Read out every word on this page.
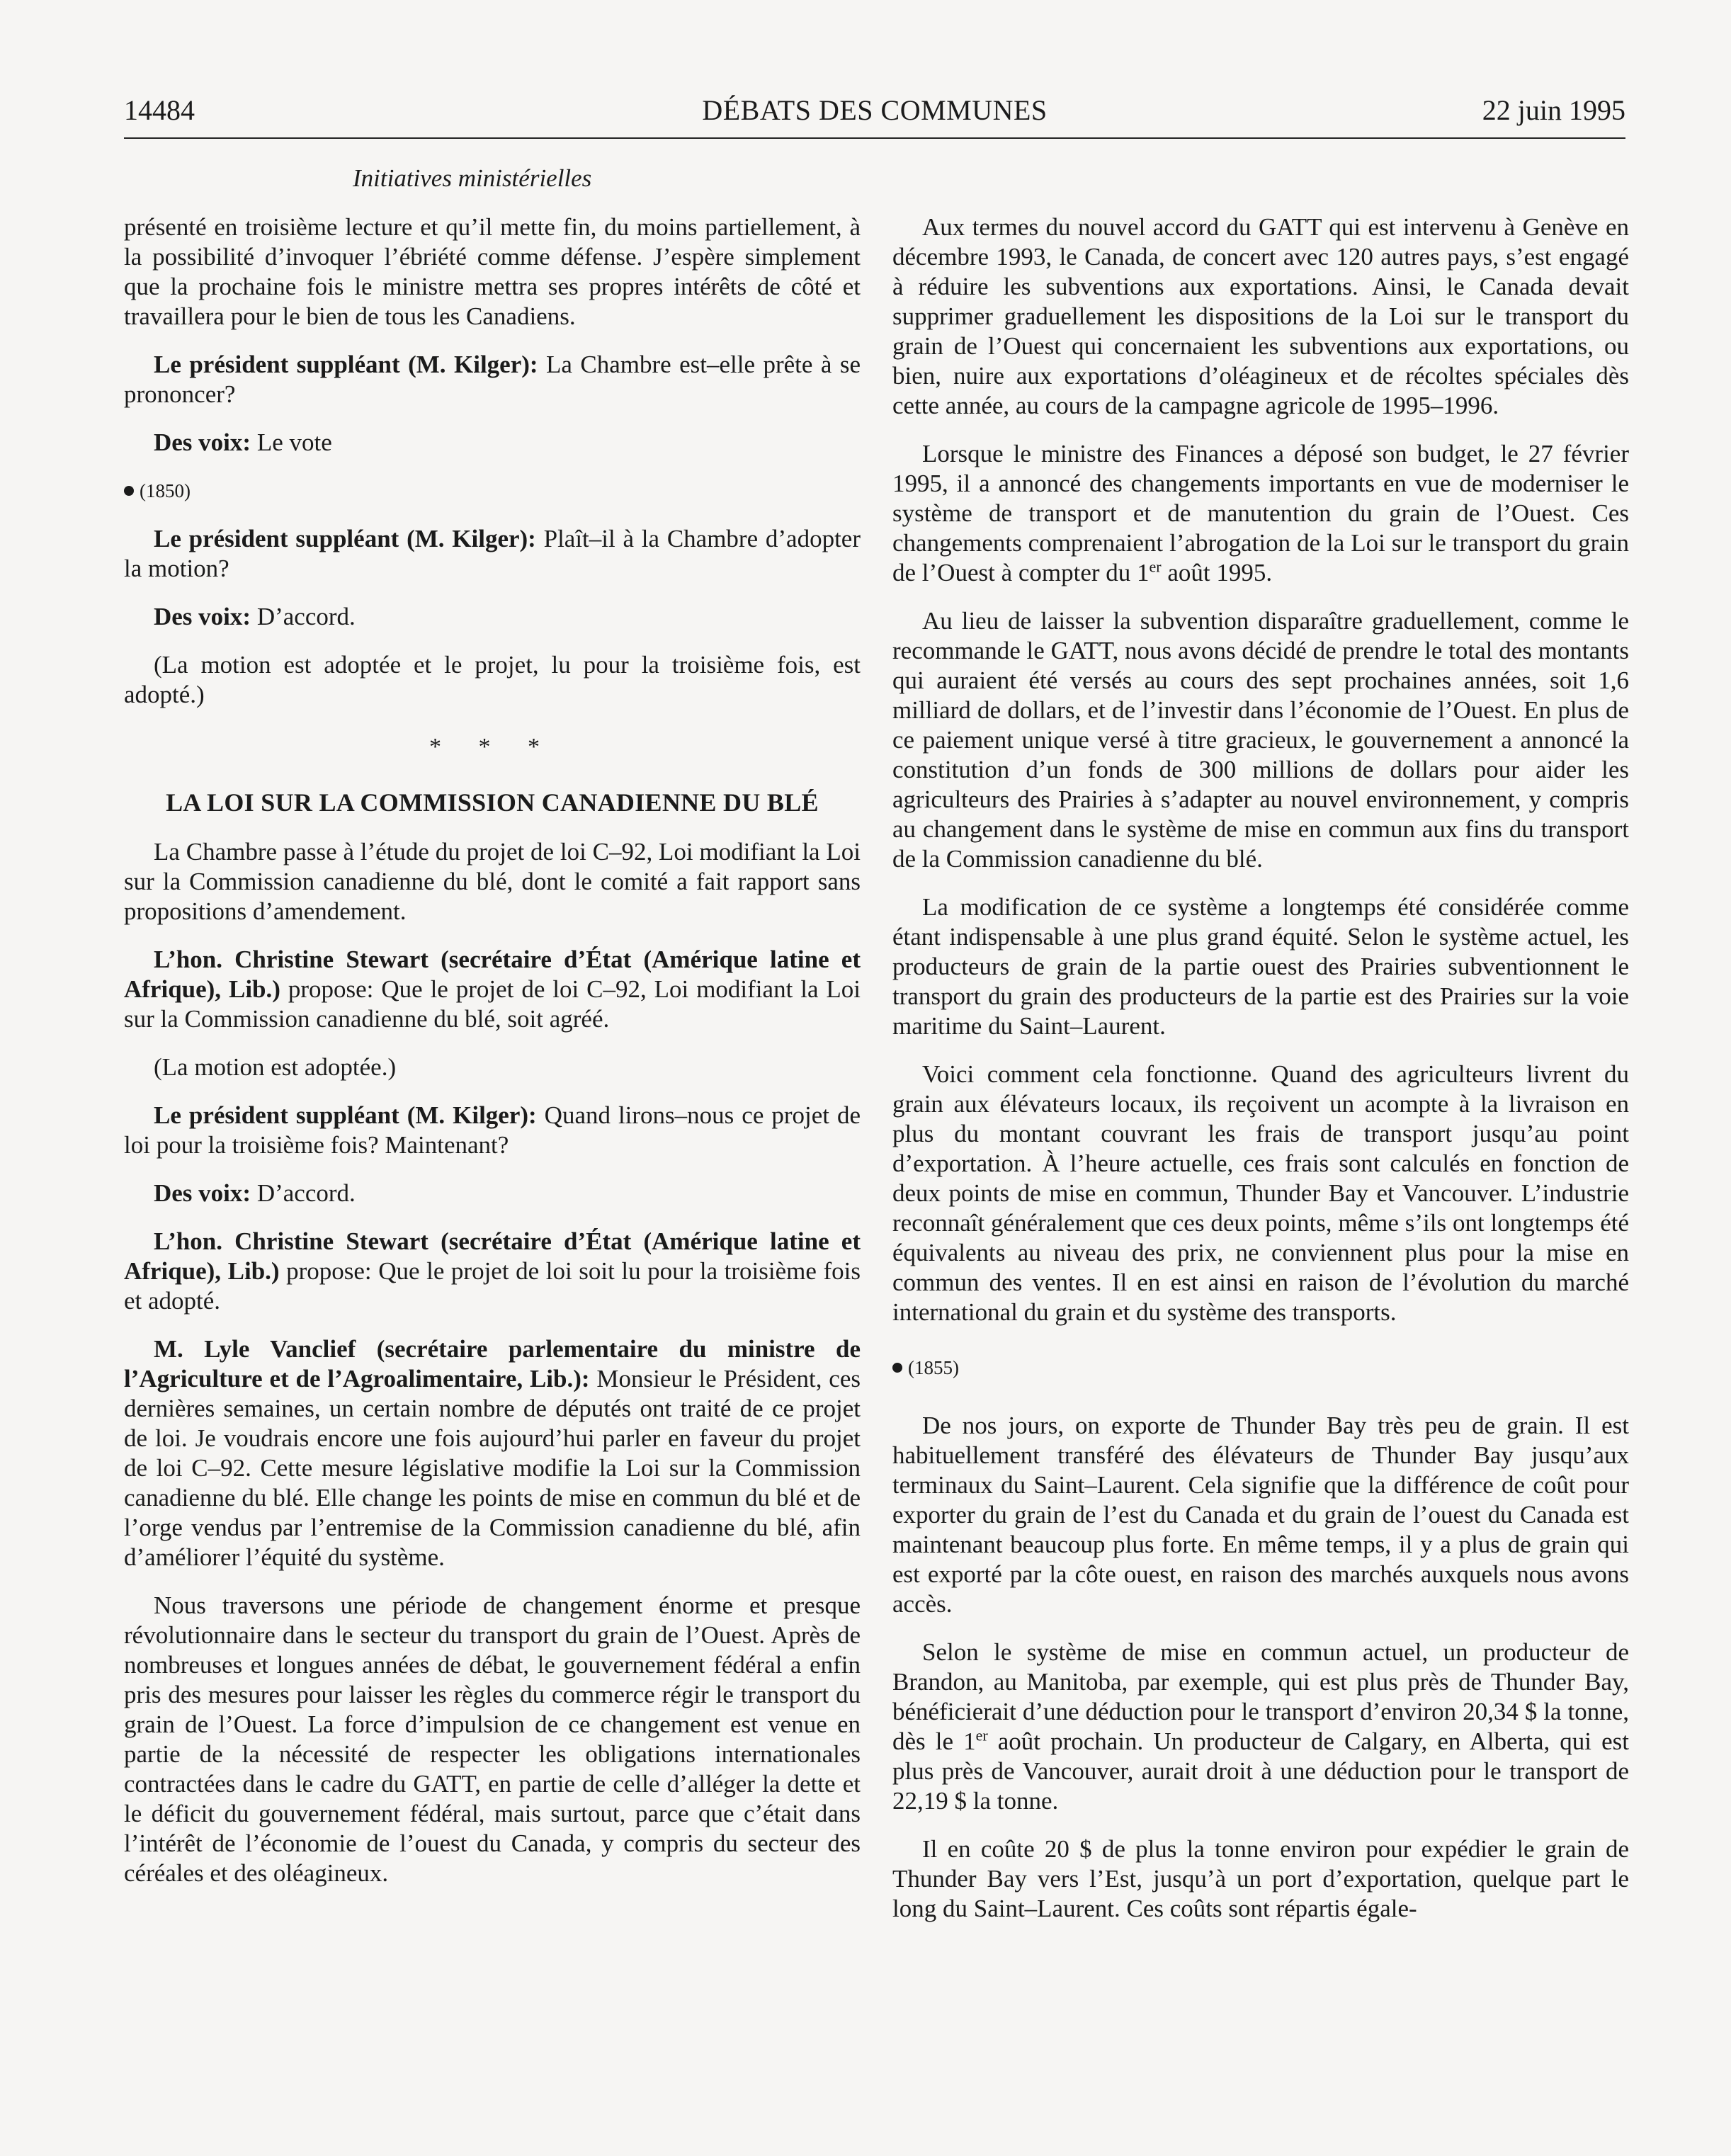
14484	DÉBATS DES COMMUNES	22 juin 1995
Initiatives ministérielles

présenté en troisième lecture et qu’il mette fin, du moins partiellement, à la possibilité d’invoquer l’ébriété comme défense. J’espère simplement que la prochaine fois le ministre mettra ses propres intérêts de côté et travaillera pour le bien de tous les Canadiens.

Le président suppléant (M. Kilger): La Chambre est–elle prête à se prononcer?

Des voix: Le vote

(1850)

Le président suppléant (M. Kilger): Plaît–il à la Chambre d’adopter la motion?

Des voix: D’accord.

(La motion est adoptée et le projet, lu pour la troisième fois, est adopté.)

* * *
LA LOI SUR LA COMMISSION CANADIENNE DU BLÉ

La Chambre passe à l’étude du projet de loi C–92, Loi modifiant la Loi sur la Commission canadienne du blé, dont le comité a fait rapport sans propositions d’amendement.

L’hon. Christine Stewart (secrétaire d’État (Amérique latine et Afrique), Lib.) propose: Que le projet de loi C–92, Loi modifiant la Loi sur la Commission canadienne du blé, soit agréé.

(La motion est adoptée.)

Le président suppléant (M. Kilger): Quand lirons–nous ce projet de loi pour la troisième fois? Maintenant?

Des voix: D’accord.

L’hon. Christine Stewart (secrétaire d’État (Amérique latine et Afrique), Lib.) propose: Que le projet de loi soit lu pour la troisième fois et adopté.

M. Lyle Vanclief (secrétaire parlementaire du ministre de l’Agriculture et de l’Agroalimentaire, Lib.): Monsieur le Président, ces dernières semaines, un certain nombre de députés ont traité de ce projet de loi. Je voudrais encore une fois aujourd’hui parler en faveur du projet de loi C–92. Cette mesure législative modifie la Loi sur la Commission canadienne du blé. Elle change les points de mise en commun du blé et de l’orge vendus par l’entremise de la Commission canadienne du blé, afin d’améliorer l’équité du système.

Nous traversons une période de changement énorme et presque révolutionnaire dans le secteur du transport du grain de l’Ouest. Après de nombreuses et longues années de débat, le gouvernement fédéral a enfin pris des mesures pour laisser les règles du commerce régir le transport du grain de l’Ouest. La force d’impulsion de ce changement est venue en partie de la nécessité de respecter les obligations internationales contractées dans le cadre du GATT, en partie de celle d’alléger la dette et le déficit du gouvernement fédéral, mais surtout, parce que c’était dans l’intérêt de l’économie de l’ouest du Canada, y compris du secteur des céréales et des oléagineux.

Aux termes du nouvel accord du GATT qui est intervenu à Genève en décembre 1993, le Canada, de concert avec 120 autres pays, s’est engagé à réduire les subventions aux exportations. Ainsi, le Canada devait supprimer graduellement les dispositions de la Loi sur le transport du grain de l’Ouest qui concernaient les subventions aux exportations, ou bien, nuire aux exportations d’oléagineux et de récoltes spéciales dès cette année, au cours de la campagne agricole de 1995–1996.

Lorsque le ministre des Finances a déposé son budget, le 27 février 1995, il a annoncé des changements importants en vue de moderniser le système de transport et de manutention du grain de l’Ouest. Ces changements comprenaient l’abrogation de la Loi sur le transport du grain de l’Ouest à compter du 1er août 1995.

Au lieu de laisser la subvention disparaître graduellement, comme le recommande le GATT, nous avons décidé de prendre le total des montants qui auraient été versés au cours des sept prochaines années, soit 1,6 milliard de dollars, et de l’investir dans l’économie de l’Ouest. En plus de ce paiement unique versé à titre gracieux, le gouvernement a annoncé la constitution d’un fonds de 300 millions de dollars pour aider les agriculteurs des Prairies à s’adapter au nouvel environnement, y compris au changement dans le système de mise en commun aux fins du transport de la Commission canadienne du blé.

La modification de ce système a longtemps été considérée comme étant indispensable à une plus grand équité. Selon le système actuel, les producteurs de grain de la partie ouest des Prairies subventionnent le transport du grain des producteurs de la partie est des Prairies sur la voie maritime du Saint–Laurent.

Voici comment cela fonctionne. Quand des agriculteurs livrent du grain aux élévateurs locaux, ils reçoivent un acompte à la livraison en plus du montant couvrant les frais de transport jusqu’au point d’exportation. À l’heure actuelle, ces frais sont calculés en fonction de deux points de mise en commun, Thunder Bay et Vancouver. L’industrie reconnaît généralement que ces deux points, même s’ils ont longtemps été équivalents au niveau des prix, ne conviennent plus pour la mise en commun des ventes. Il en est ainsi en raison de l’évolution du marché international du grain et du système des transports.

(1855)

De nos jours, on exporte de Thunder Bay très peu de grain. Il est habituellement transféré des élévateurs de Thunder Bay jusqu’aux terminaux du Saint–Laurent. Cela signifie que la différence de coût pour exporter du grain de l’est du Canada et du grain de l’ouest du Canada est maintenant beaucoup plus forte. En même temps, il y a plus de grain qui est exporté par la côte ouest, en raison des marchés auxquels nous avons accès.

Selon le système de mise en commun actuel, un producteur de Brandon, au Manitoba, par exemple, qui est plus près de Thunder Bay, bénéficierait d’une déduction pour le transport d’environ 20,34 $ la tonne, dès le 1er août prochain. Un producteur de Calgary, en Alberta, qui est plus près de Vancouver, aurait droit à une déduction pour le transport de 22,19 $ la tonne.

Il en coûte 20 $ de plus la tonne environ pour expédier le grain de Thunder Bay vers l’Est, jusqu’à un port d’exportation, quelque part le long du Saint–Laurent. Ces coûts sont répartis égale-
